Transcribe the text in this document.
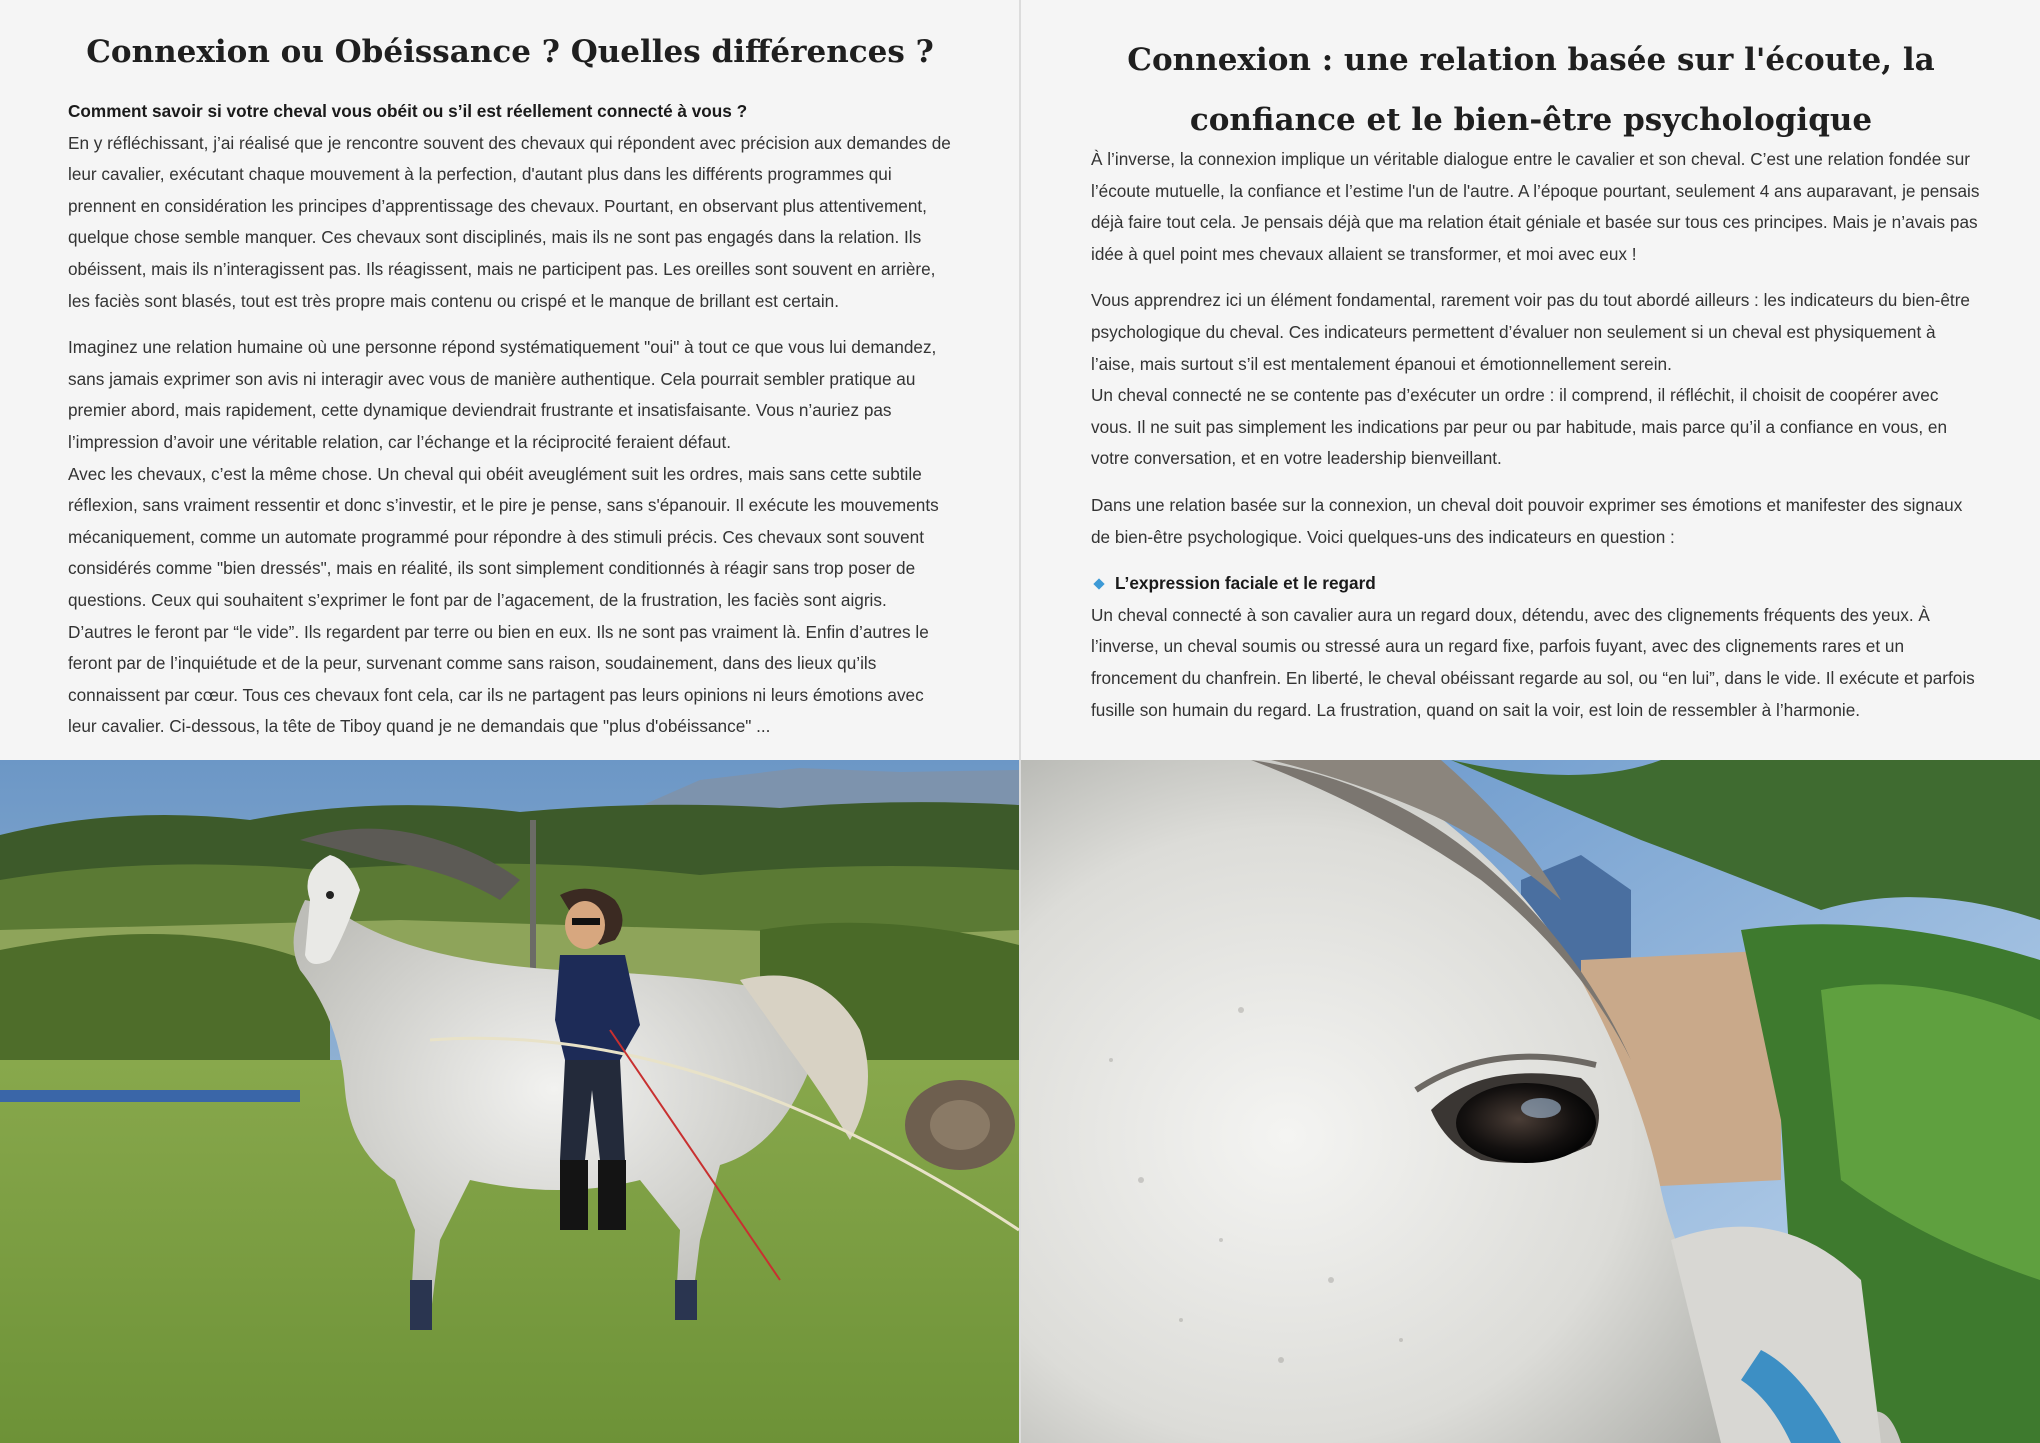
Connexion ou Obéissance ? Quelles différences ?

Comment savoir si votre cheval vous obéit ou s’il est réellement connecté à vous ?
En y réfléchissant, j’ai réalisé que je rencontre souvent des chevaux qui répondent avec précision aux demandes de leur cavalier, exécutant chaque mouvement à la perfection, d'autant plus dans les différents programmes qui prennent en considération les principes d’apprentissage des chevaux. Pourtant, en observant plus attentivement, quelque chose semble manquer. Ces chevaux sont disciplinés, mais ils ne sont pas engagés dans la relation. Ils obéissent, mais ils n’interagissent pas. Ils réagissent, mais ne participent pas. Les oreilles sont souvent en arrière, les faciès sont blasés, tout est très propre mais contenu ou crispé et le manque de brillant est certain.

Imaginez une relation humaine où une personne répond systématiquement "oui" à tout ce que vous lui demandez, sans jamais exprimer son avis ni interagir avec vous de manière authentique. Cela pourrait sembler pratique au premier abord, mais rapidement, cette dynamique deviendrait frustrante et insatisfaisante. Vous n’auriez pas l’impression d’avoir une véritable relation, car l’échange et la réciprocité feraient défaut.

Avec les chevaux, c’est la même chose. Un cheval qui obéit aveuglément suit les ordres, mais sans cette subtile réflexion, sans vraiment ressentir et donc s’investir, et le pire je pense, sans s'épanouir. Il exécute les mouvements mécaniquement, comme un automate programmé pour répondre à des stimuli précis. Ces chevaux sont souvent considérés comme "bien dressés", mais en réalité, ils sont simplement conditionnés à réagir sans trop poser de questions. Ceux qui souhaitent s’exprimer le font par de l’agacement, de la frustration, les faciès sont aigris. D’autres le feront par “le vide”. Ils regardent par terre ou bien en eux. Ils ne sont pas vraiment là. Enfin d’autres le feront par de l’inquiétude et de la peur, survenant comme sans raison, soudainement, dans des lieux qu’ils connaissent par cœur. Tous ces chevaux font cela, car ils ne partagent pas leurs opinions ni leurs émotions avec leur cavalier. Ci-dessous, la tête de Tiboy quand je ne demandais que "plus d'obéissance" ...

Connexion : une relation basée sur l'écoute, la confiance et le bien-être psychologique

À l’inverse, la connexion implique un véritable dialogue entre le cavalier et son cheval. C’est une relation fondée sur l’écoute mutuelle, la confiance et l’estime l'un de l'autre. A l’époque pourtant, seulement 4 ans auparavant, je pensais déjà faire tout cela. Je pensais déjà que ma relation était géniale et basée sur tous ces principes. Mais je n’avais pas idée à quel point mes chevaux allaient se transformer, et moi avec eux !

Vous apprendrez ici un élément fondamental, rarement voir pas du tout abordé ailleurs : les indicateurs du bien-être psychologique du cheval. Ces indicateurs permettent d’évaluer non seulement si un cheval est physiquement à l’aise, mais surtout s’il est mentalement épanoui et émotionnellement serein.

Un cheval connecté ne se contente pas d’exécuter un ordre : il comprend, il réfléchit, il choisit de coopérer avec vous. Il ne suit pas simplement les indications par peur ou par habitude, mais parce qu’il a confiance en vous, en votre conversation, et en votre leadership bienveillant.

Dans une relation basée sur la connexion, un cheval doit pouvoir exprimer ses émotions et manifester des signaux de bien-être psychologique. Voici quelques-uns des indicateurs en question :

L’expression faciale et le regard
Un cheval connecté à son cavalier aura un regard doux, détendu, avec des clignements fréquents des yeux. À l’inverse, un cheval soumis ou stressé aura un regard fixe, parfois fuyant, avec des clignements rares et un froncement du chanfrein. En liberté, le cheval obéissant regarde au sol, ou “en lui”, dans le vide. Il exécute et parfois fusille son humain du regard. La frustration, quand on sait la voir, est loin de ressembler à l’harmonie.
